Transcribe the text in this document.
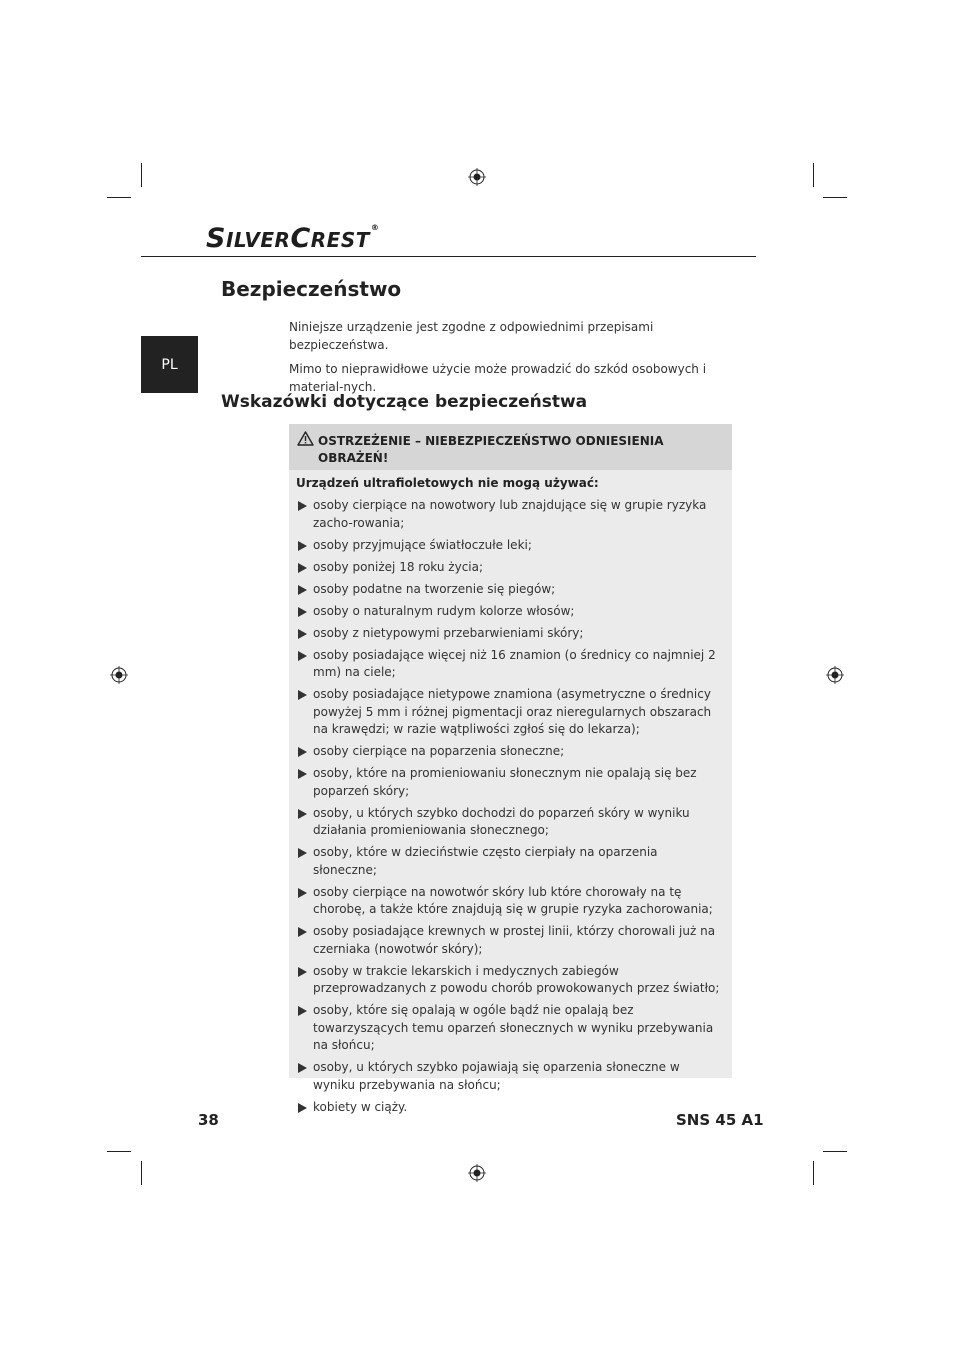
SILVERCREST®
Bezpieczeństwo
PL

Niniejsze urządzenie jest zgodne z odpowiednimi przepisami bezpieczeństwa.

Mimo to nieprawidłowe użycie może prowadzić do szkód osobowych i material-nych.

Wskazówki dotyczące bezpieczeństwa
OSTRZEŻENIE – NIEBEZPIECZEŃSTWO ODNIESIENIA OBRAŻEŃ!
Urządzeń ultrafioletowych nie mogą używać:
osoby cierpiące na nowotwory lub znajdujące się w grupie ryzyka zacho-rowania;
osoby przyjmujące światłoczułe leki;
osoby poniżej 18 roku życia;
osoby podatne na tworzenie się piegów;
osoby o naturalnym rudym kolorze włosów;
osoby z nietypowymi przebarwieniami skóry;
osoby posiadające więcej niż 16 znamion (o średnicy co najmniej 2 mm) na ciele;
osoby posiadające nietypowe znamiona (asymetryczne o średnicy powyżej 5 mm i różnej pigmentacji oraz nieregularnych obszarach na krawędzi; w razie wątpliwości zgłoś się do lekarza);
osoby cierpiące na poparzenia słoneczne;
osoby, które na promieniowaniu słonecznym nie opalają się bez poparzeń skóry;
osoby, u których szybko dochodzi do poparzeń skóry w wyniku działania promieniowania słonecznego;
osoby, które w dzieciństwie często cierpiały na oparzenia słoneczne;
osoby cierpiące na nowotwór skóry lub które chorowały na tę chorobę, a także które znajdują się w grupie ryzyka zachorowania;
osoby posiadające krewnych w prostej linii, którzy chorowali już na czerniaka (nowotwór skóry);
osoby w trakcie lekarskich i medycznych zabiegów przeprowadzanych z powodu chorób prowokowanych przez światło;
osoby, które się opalają w ogóle bądź nie opalają bez towarzyszących temu oparzeń słonecznych w wyniku przebywania na słońcu;
osoby, u których szybko pojawiają się oparzenia słoneczne w wyniku przebywania na słońcu;
kobiety w ciąży.
38	SNS 45 A1
